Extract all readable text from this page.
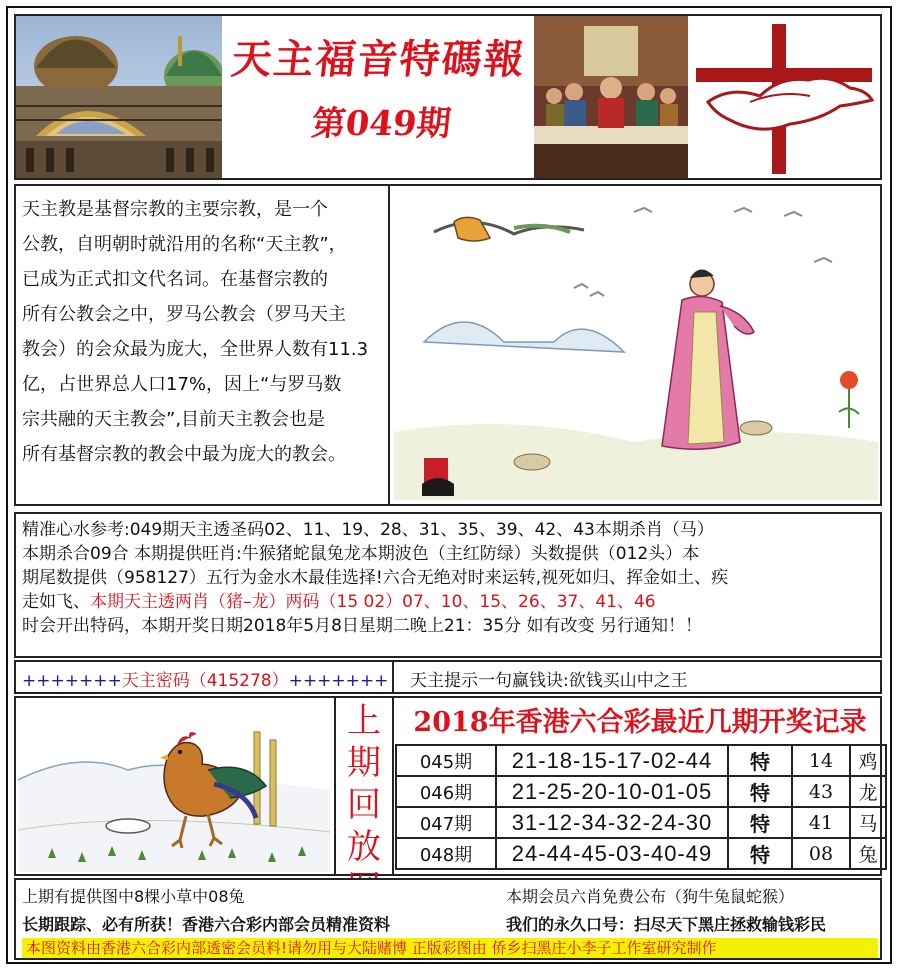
天主福音特碼報
第049期

天主教是基督宗教的主要宗教，是一个

公教，自明朝时就沿用的名称“天主教”，

已成为正式扣文代名词。在基督宗教的

所有公教会之中，罗马公教会（罗马天主

教会）的会众最为庞大，全世界人数有11.3

亿，占世界总人口17%，因上“与罗马数

宗共融的天主教会”,目前天主教会也是

所有基督宗教的教会中最为庞大的教会。

精准心水参考:049期天主透圣码02、11、19、28、31、35、39、42、43本期杀肖（马）

本期杀合09合 本期提供旺肖:牛猴猪蛇鼠兔龙本期波色（主红防绿）头数提供（012头）本

期尾数提供（958127）五行为金水木最佳选择!六合无绝对时来运转,视死如归、挥金如土、疾

走如飞、本期天主透两肖（猪–龙）两码（15 02）07、10、15、26、37、41、46

时会开出特码，本期开奖日期2018年5月8日星期二晚上21：35分 如有改变 另行通知！！

+++++++天主密码（415278）+++++++ 天主提示一句赢钱诀:欲钱买山中之王
上
期
回
放
2018年香港六合彩最近几期开奖记录
045期	21-18-15-17-02-44	特	14	鸡
046期	21-25-20-10-01-05	特	43	龙
047期	31-12-34-32-24-30	特	41	马
048期	24-44-45-03-40-49	特	08	兔
上期有提供图中8棵小草中08兔	本期会员六肖免费公布（狗牛兔鼠蛇猴）
长期跟踪、必有所获！香港六合彩内部会员精准资料	我们的永久口号：扫尽天下黑庄拯救输钱彩民
本图资料由香港六合彩内部透密会员料!请勿用与大陆赌博 正版彩图由 侨乡扫黑庄小李子工作室研究制作
